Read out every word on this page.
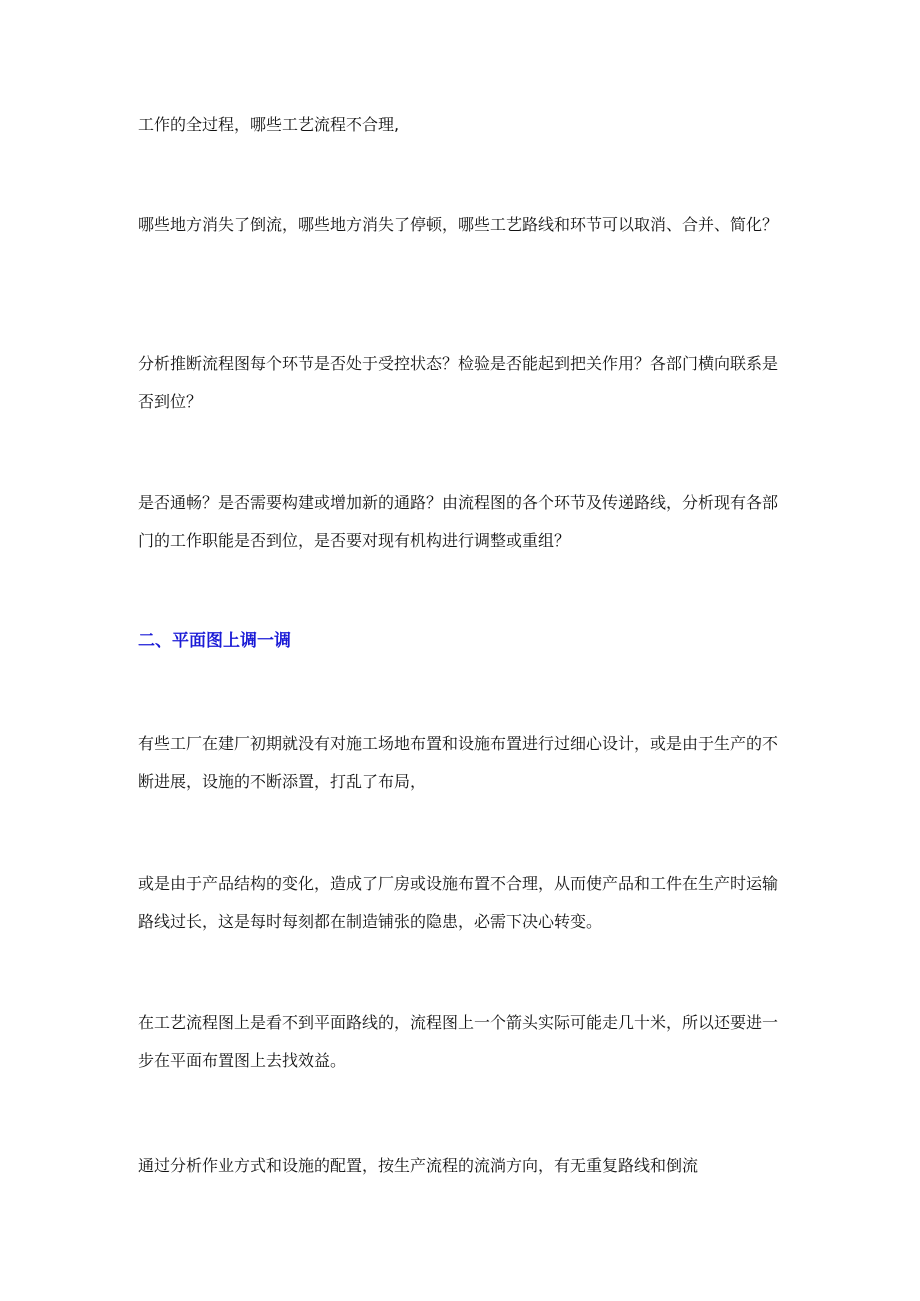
工作的全过程，哪些工艺流程不合理,

哪些地方消失了倒流，哪些地方消失了停顿，哪些工艺路线和环节可以取消、合并、简化？

分析推断流程图每个环节是否处于受控状态？检验是否能起到把关作用？各部门横向联系是否到位？

是否通畅？是否需要构建或增加新的通路？由流程图的各个环节及传递路线，分析现有各部门的工作职能是否到位，是否要对现有机构进行调整或重组？

二、平面图上调一调

有些工厂在建厂初期就没有对施工场地布置和设施布置进行过细心设计，或是由于生产的不断进展，设施的不断添置，打乱了布局，

或是由于产品结构的变化，造成了厂房或设施布置不合理，从而使产品和工件在生产时运输路线过长，这是每时每刻都在制造铺张的隐患，必需下决心转变。

在工艺流程图上是看不到平面路线的，流程图上一个箭头实际可能走几十米，所以还要进一步在平面布置图上去找效益。

通过分析作业方式和设施的配置，按生产流程的流淌方向，有无重复路线和倒流
